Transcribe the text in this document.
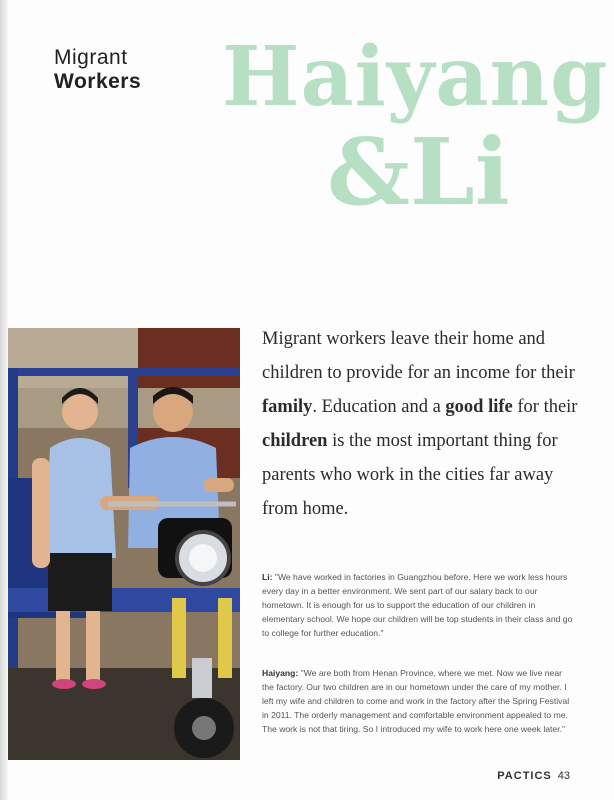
Migrant
Workers Haiyang
&Li
Migrant workers leave their home and children to provide for an income for their family. Education and a good life for their children is the most important thing for parents who work in the cities far away from home.
Li: "We have worked in factories in Guangzhou before. Here we work less hours every day in a better environment. We sent part of our salary back to our hometown. It is enough for us to support the education of our children in elementary school. We hope our children will be top students in their class and go to college for further education."
Haiyang: "We are both from Henan Province, where we met. Now we live near the factory. Our two children are in our hometown under the care of my mother. I left my wife and children to come and work in the factory after the Spring Festival in 2011. The orderly management and comfortable environment appealed to me. The work is not that tiring. So I introduced my wife to work here one week later."
PACTICS 43
